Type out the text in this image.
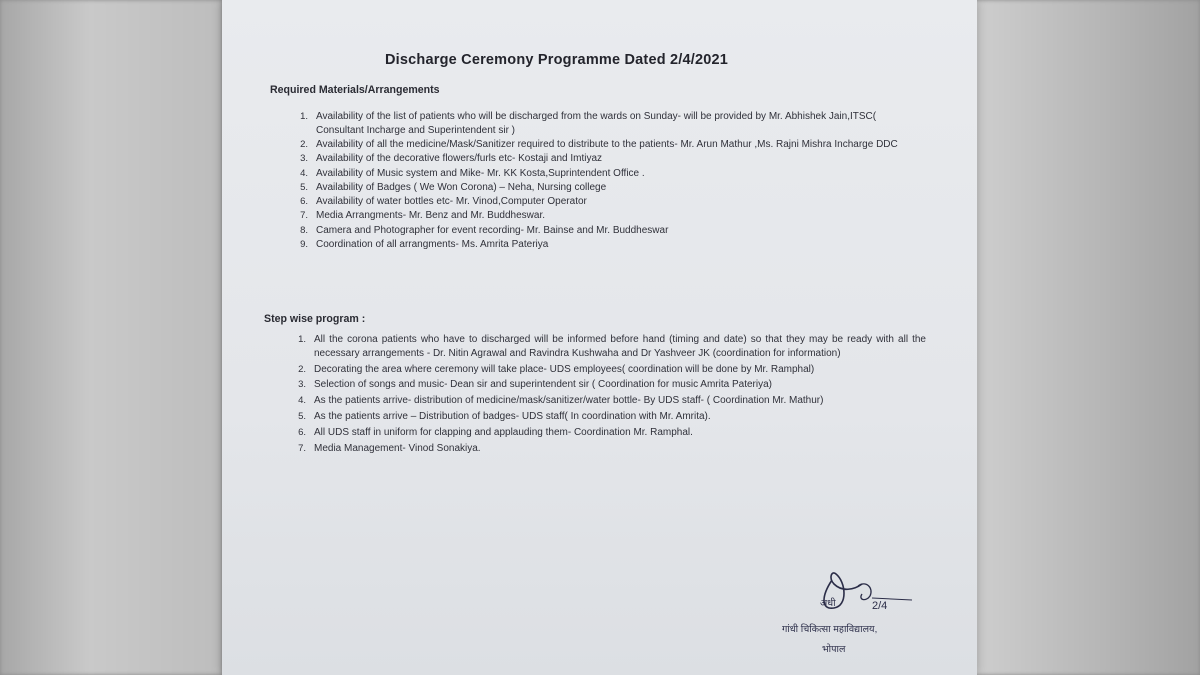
Discharge Ceremony Programme Dated 2/4/2021
Required Materials/Arrangements
1. Availability of the list of patients who will be discharged from the wards on Sunday- will be provided by Mr. Abhishek Jain,ITSC( Consultant Incharge and Superintendent sir )
2. Availability of all the medicine/Mask/Sanitizer required to distribute to the patients- Mr. Arun Mathur ,Ms. Rajni Mishra Incharge DDC
3. Availability of the decorative flowers/furls etc- Kostaji and Imtiyaz
4. Availability of Music system and Mike- Mr. KK Kosta,Suprintendent Office .
5. Availability of Badges ( We Won Corona) – Neha, Nursing college
6. Availability of water bottles etc- Mr. Vinod,Computer Operator
7. Media Arrangments- Mr. Benz and Mr. Buddheswar.
8. Camera and Photographer for event recording- Mr. Bainse and Mr. Buddheswar
9. Coordination of all arrangments- Ms. Amrita Pateriya
Step wise program :
1. All the corona patients who have to discharged will be informed before hand (timing and date) so that they may be ready with all the necessary arrangements - Dr. Nitin Agrawal and Ravindra Kushwaha and Dr Yashveer JK (coordination for information)
2. Decorating the area where ceremony will take place- UDS employees( coordination will be done by Mr. Ramphal)
3. Selection of songs and music- Dean sir and superintendent sir ( Coordination for music Amrita Pateriya)
4. As the patients arrive- distribution of medicine/mask/sanitizer/water bottle- By UDS staff- ( Coordination Mr. Mathur)
5. As the patients arrive – Distribution of badges- UDS staff( In coordination with Mr. Amrita).
6. All UDS staff in uniform for clapping and applauding them- Coordination Mr. Ramphal.
7. Media Management- Vinod Sonakiya.
अधी	2/4
गांधी चिकित्सा महाविद्यालय,
भोपाल
